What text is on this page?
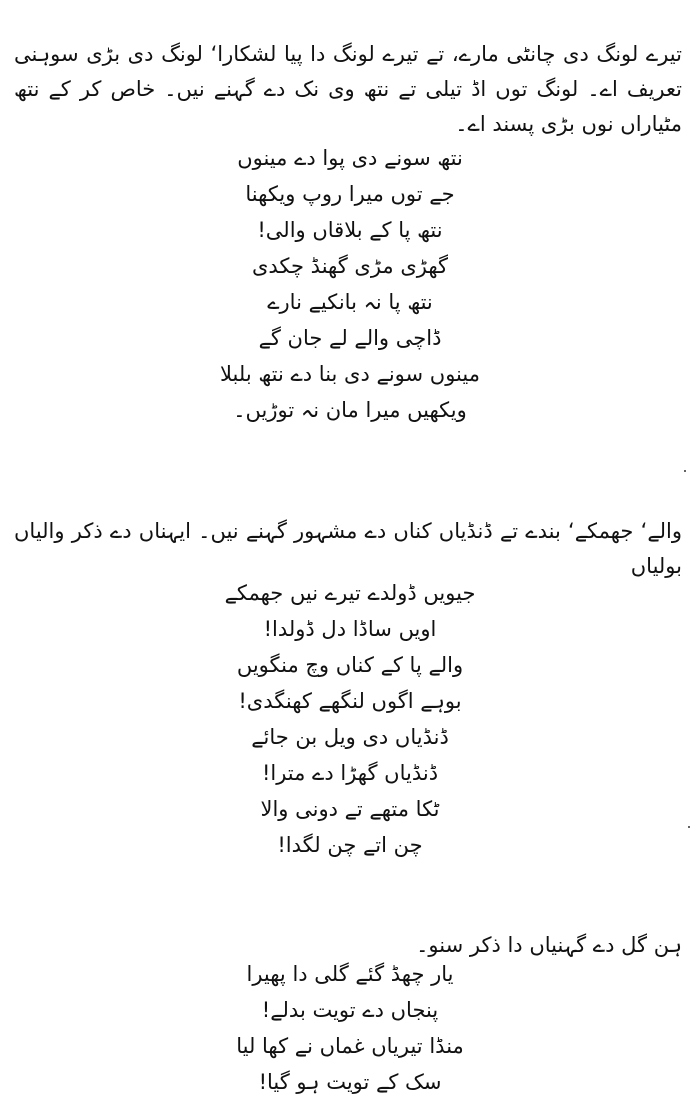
تیرے لونگ دی چانٹی مارے، تے تیرے لونگ دا پیا لشکارا‘ لونگ دی بڑی سوہنی تعریف اے۔ لونگ توں اڈ تیلی تے نتھ وی نک دے گہنے نیں۔ خاص کر کے نتھ مٹیاراں نوں بڑی پسند اے۔

نتھ سونے دی پوا دے مینوں
جے توں میرا روپ ویکھنا
نتھ پا کے بلاقاں والی!
گھڑی مڑی گھنڈ چکدی
نتھ پا نہ بانکیے نارے
ڈاچی والے لے جان گے
مینوں سونے دی بنا دے نتھ بلبلا
ویکھیں میرا مان نہ توڑیں۔

والے‘ جھمکے‘ بندے تے ڈنڈیاں کناں دے مشہور گہنے نیں۔ ایہناں دے ذکر والیاں بولیاں

جیویں ڈولدے تیرے نیں جھمکے
اویں ساڈا دل ڈولدا!
والے پا کے کناں وچ منگویں
بوہے اگوں لنگھے کھنگدی!
ڈنڈیاں دی ویل بن جائے
ڈنڈیاں گھڑا دے مترا!
ٹکا متھے تے دونی والا
چن اتے چن لگدا!

ہن گل دے گہنیاں دا ذکر سنو۔

یار چھڈ گئے گلی دا پھیرا
پنجاں دے تویت بدلے!
منڈا تیریاں غماں نے کھا لیا
سک کے تویت ہو گیا!
